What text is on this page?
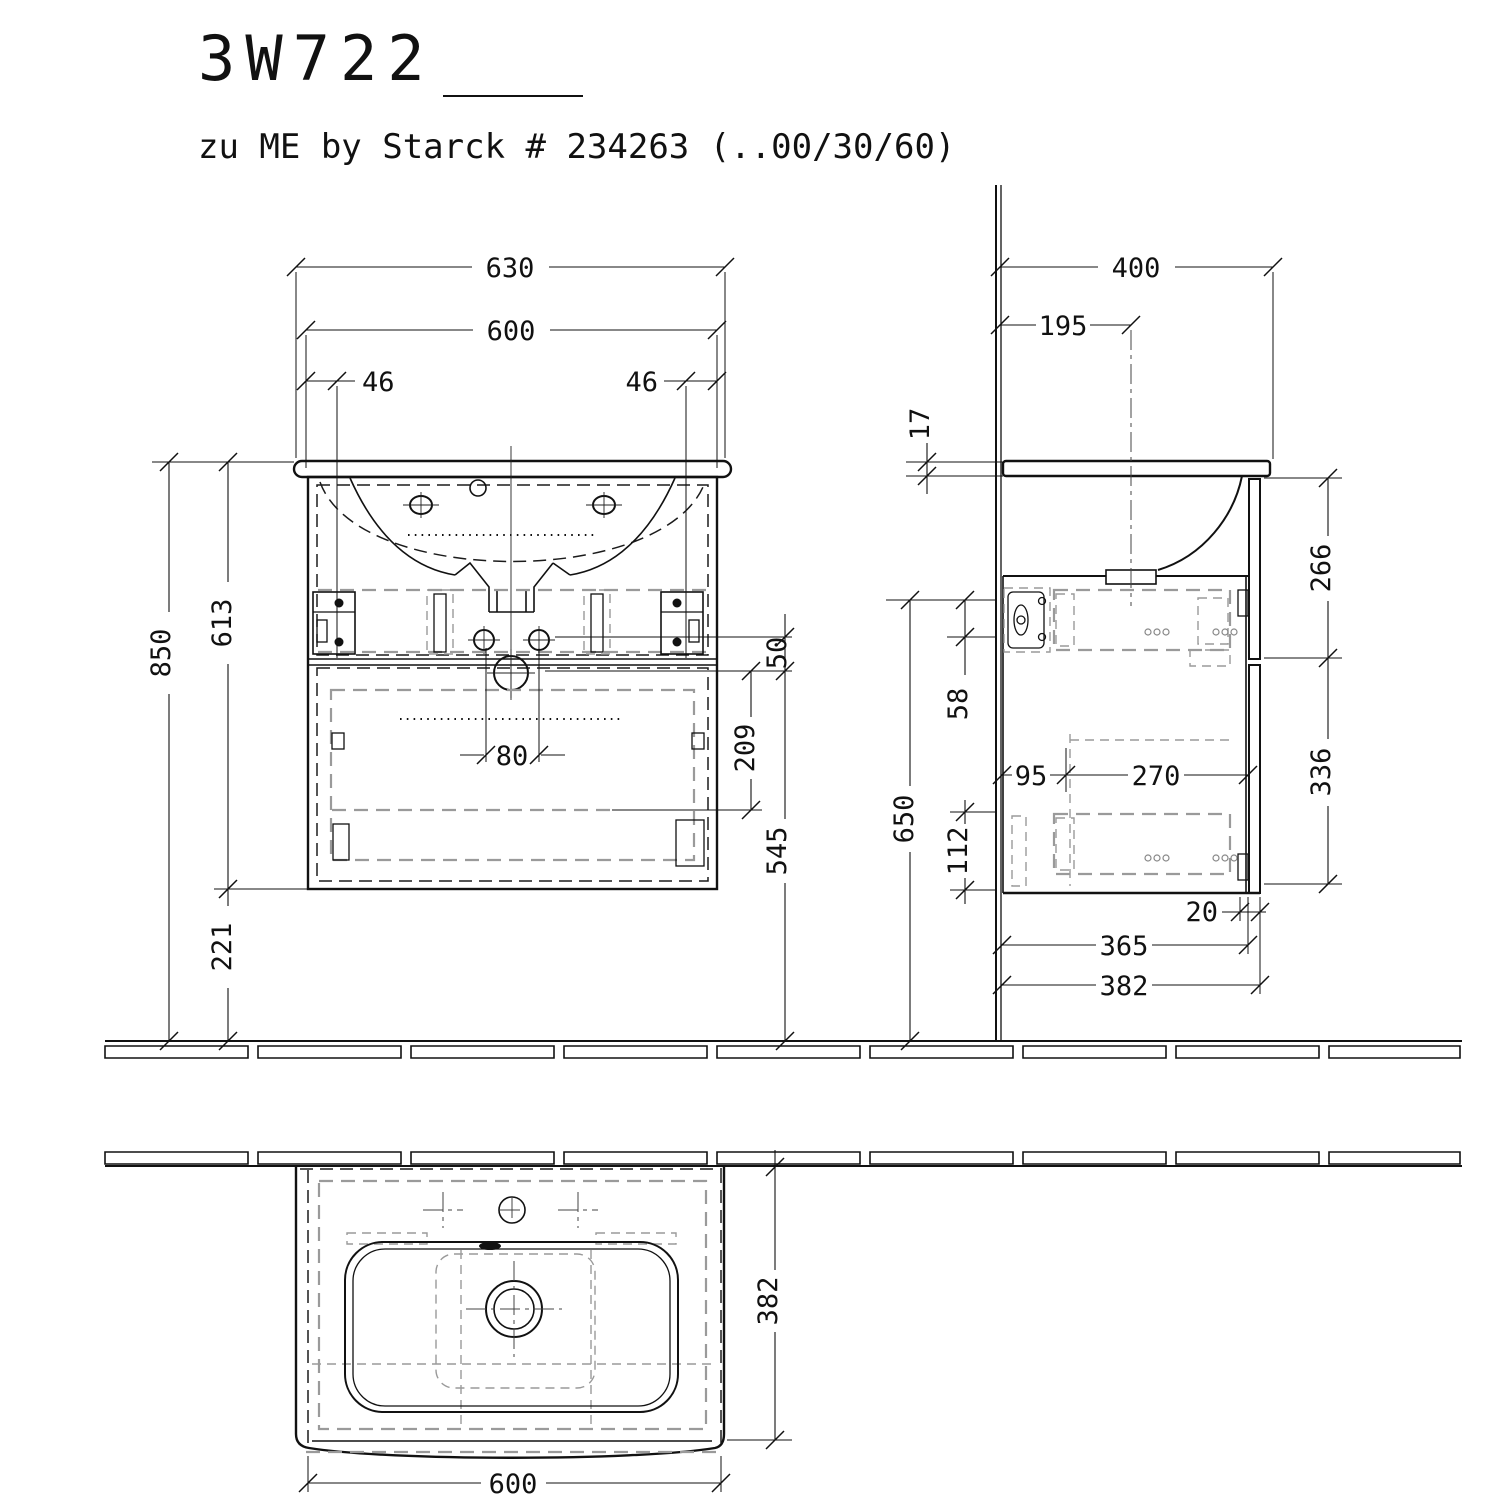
3W722
zu ME by Starck # 234263 (..00/30/60)
630
600
46	46
850
613
221
80
50
209
545
400
195
17
266
336
58
650
112
95	270
20
365
382
382
600
